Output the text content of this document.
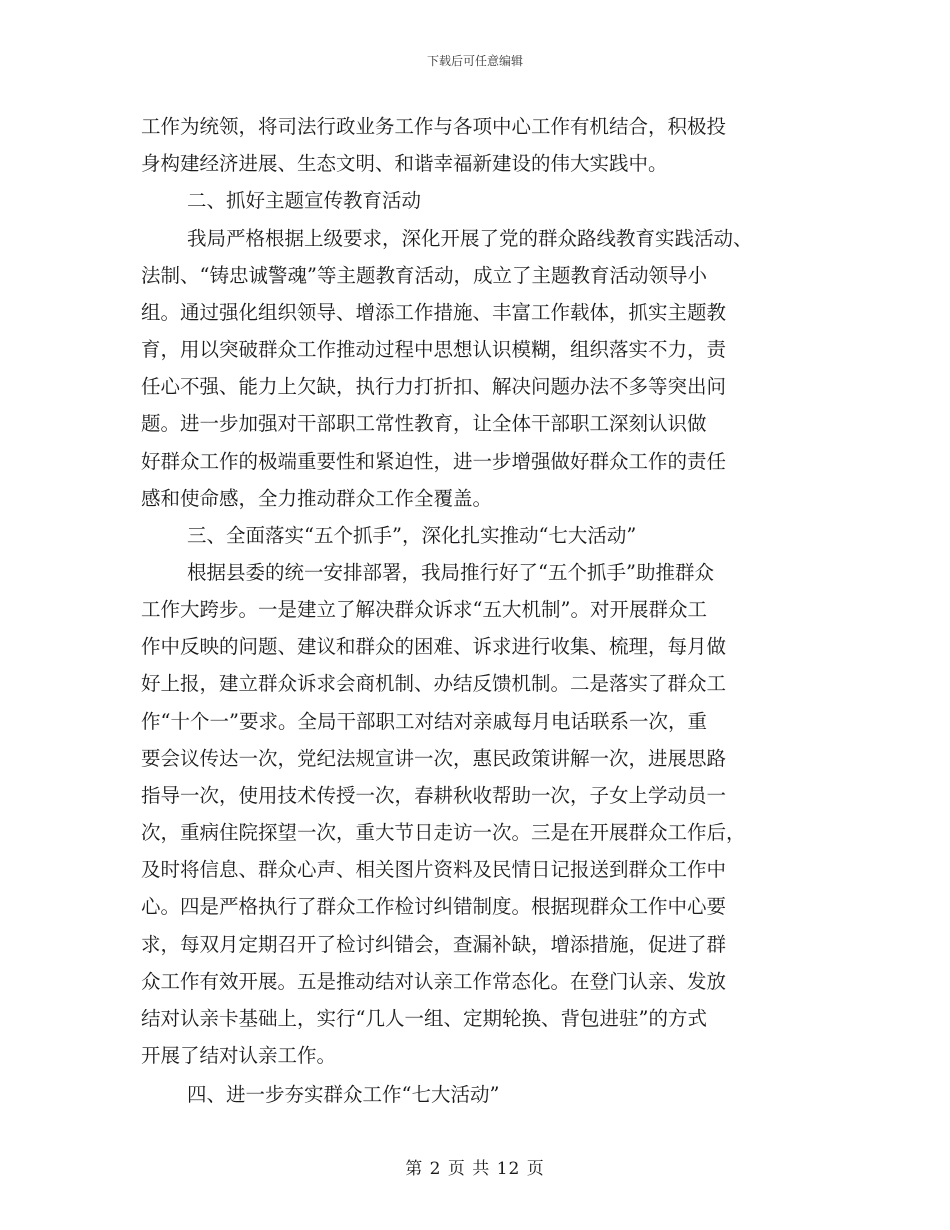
下载后可任意编辑
工作为统领，将司法行政业务工作与各项中心工作有机结合，积极投
身构建经济进展、生态文明、和谐幸福新建设的伟大实践中。
二、抓好主题宣传教育活动
我局严格根据上级要求，深化开展了党的群众路线教育实践活动、
法制、“铸忠诚警魂”等主题教育活动，成立了主题教育活动领导小
组。通过强化组织领导、增添工作措施、丰富工作载体，抓实主题教
育，用以突破群众工作推动过程中思想认识模糊，组织落实不力，责
任心不强、能力上欠缺，执行力打折扣、解决问题办法不多等突出问
题。进一步加强对干部职工常性教育，让全体干部职工深刻认识做
好群众工作的极端重要性和紧迫性，进一步增强做好群众工作的责任
感和使命感，全力推动群众工作全覆盖。
三、全面落实“五个抓手”，深化扎实推动“七大活动”
根据县委的统一安排部署，我局推行好了“五个抓手”助推群众
工作大跨步。一是建立了解决群众诉求“五大机制”。对开展群众工
作中反映的问题、建议和群众的困难、诉求进行收集、梳理，每月做
好上报，建立群众诉求会商机制、办结反馈机制。二是落实了群众工
作“十个一”要求。全局干部职工对结对亲戚每月电话联系一次，重
要会议传达一次，党纪法规宣讲一次，惠民政策讲解一次，进展思路
指导一次，使用技术传授一次，春耕秋收帮助一次，子女上学动员一
次，重病住院探望一次，重大节日走访一次。三是在开展群众工作后，
及时将信息、群众心声、相关图片资料及民情日记报送到群众工作中
心。四是严格执行了群众工作检讨纠错制度。根据现群众工作中心要
求，每双月定期召开了检讨纠错会，查漏补缺，增添措施，促进了群
众工作有效开展。五是推动结对认亲工作常态化。在登门认亲、发放
结对认亲卡基础上，实行“几人一组、定期轮换、背包进驻”的方式
开展了结对认亲工作。
四、进一步夯实群众工作“七大活动”
第 2 页 共 12 页
